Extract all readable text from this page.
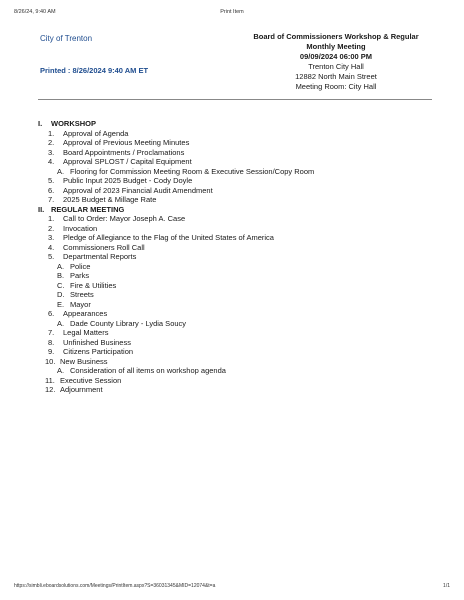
8/26/24, 9:40 AM	Print Item
City of Trenton
Printed : 8/26/2024 9:40 AM ET
Board of Commissioners Workshop & Regular
Monthly Meeting
09/09/2024 06:00 PM
Trenton City Hall
12882 North Main Street
Meeting Room: City Hall
I.	WORKSHOP
1.	Approval of Agenda
2.	Approval of Previous Meeting Minutes
3.	Board Appointments / Proclamations
4.	Approval SPLOST / Capital Equipment
A. Flooring for Commission Meeting Room & Executive Session/Copy Room
5.	Public Input 2025 Budget - Cody Doyle
6.	Approval of 2023 Financial Audit Amendment
7.	2025 Budget & Millage Rate
II. REGULAR MEETING
1.	Call to Order: Mayor Joseph A. Case
2.	Invocation
3.	Pledge of Allegiance to the Flag of the United States of America
4.	Commissioners Roll Call
5.	Departmental Reports
A. Police
B. Parks
C. Fire & Utilities
D. Streets
E. Mayor
6.	Appearances
A. Dade County Library - Lydia Soucy
7.	Legal Matters
8.	Unfinished Business
9.	Citizens Participation
10. New Business
A. Consideration of all items on workshop agenda
11. Executive Session
12. Adjournment
https://simbli.eboardsolutions.com/Meetings/PrintItem.aspx?S=36031345&MID=12074&t=a	1/1
